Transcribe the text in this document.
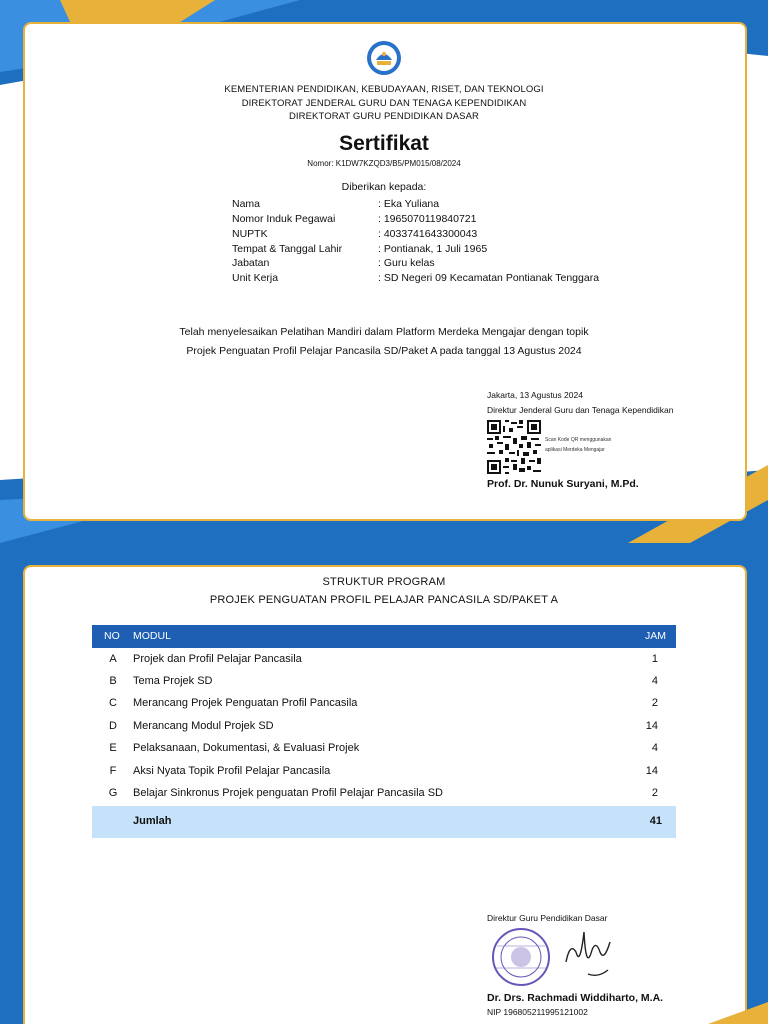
KEMENTERIAN PENDIDIKAN, KEBUDAYAAN, RISET, DAN TEKNOLOGI
DIREKTORAT JENDERAL GURU DAN TENAGA KEPENDIDIKAN
DIREKTORAT GURU PENDIDIKAN DASAR
Sertifikat
Nomor: K1DW7KZQD3/B5/PM015/08/2024
Diberikan kepada:
Nama	: Eka Yuliana
Nomor Induk Pegawai	: 1965070119840721
NUPTK	: 4033741643300043
Tempat & Tanggal Lahir	: Pontianak, 1 Juli 1965
Jabatan	: Guru kelas
Unit Kerja	: SD Negeri 09 Kecamatan Pontianak Tenggara
Telah menyelesaikan Pelatihan Mandiri dalam Platform Merdeka Mengajar dengan topik
Projek Penguatan Profil Pelajar Pancasila SD/Paket A pada tanggal 13 Agustus 2024
Jakarta, 13 Agustus 2024
Direktur Jenderal Guru dan Tenaga Kependidikan
Scan Kode QR menggunakan
aplikasi Merdeka Mengajar
Prof. Dr. Nunuk Suryani, M.Pd.
STRUKTUR PROGRAM
PROJEK PENGUATAN PROFIL PELAJAR PANCASILA SD/PAKET A
NO MODUL	JAM
A	Projek dan Profil Pelajar Pancasila	1
B	Tema Projek SD	4
C	Merancang Projek Penguatan Profil Pancasila	2
D	Merancang Modul Projek SD	14
E	Pelaksanaan, Dokumentasi, & Evaluasi Projek	4
F	Aksi Nyata Topik Profil Pelajar Pancasila	14
G	Belajar Sinkronus Projek penguatan Profil Pelajar Pancasila SD	2
Jumlah	41
Direktur Guru Pendidikan Dasar
Dr. Drs. Rachmadi Widdiharto, M.A.
NIP 196805211995121002
